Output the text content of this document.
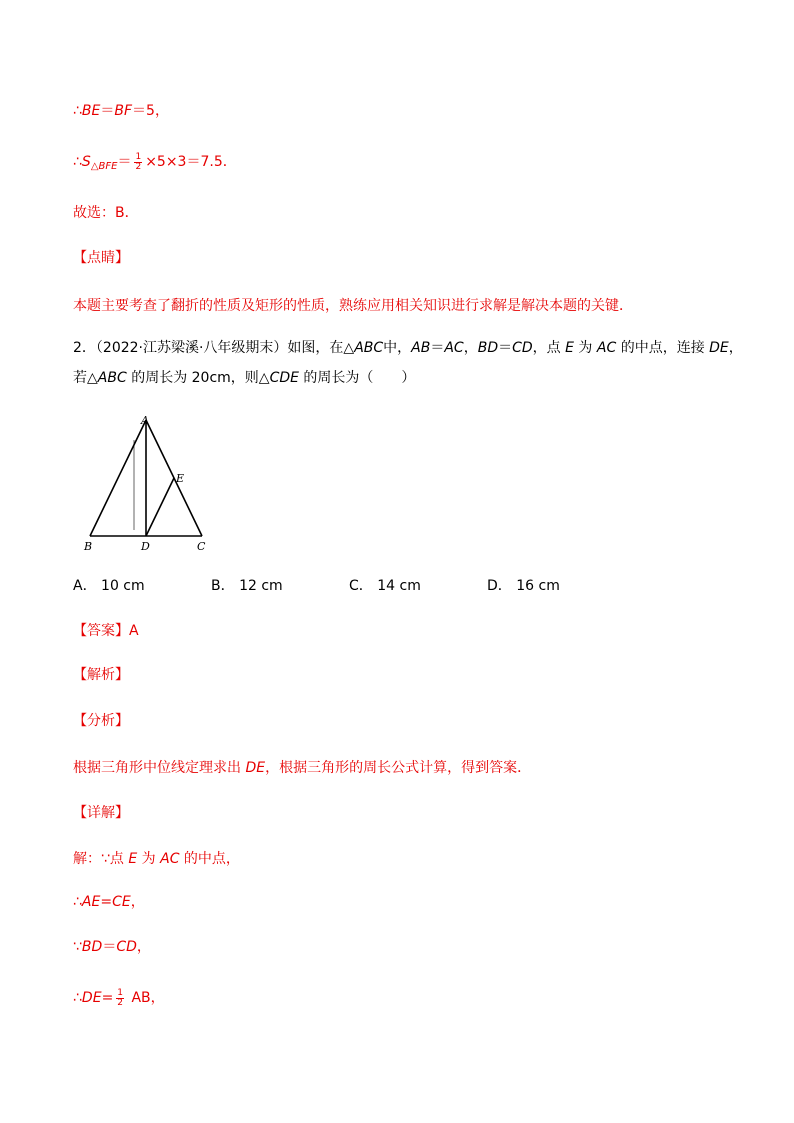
∴BE＝BF＝5，
$\therefore S_{\triangle BFE}= \frac{1}{2} \times 5\times 3=7.5$．
故选：B．
【点睛】
本题主要考查了翻折的性质及矩形的性质，熟练应用相关知识进行求解是解决本题的关键．
2．（2022·江苏梁溪·八年级期末）如图，在△ABC中，AB＝AC，BD＝CD，点 E 为 AC 的中点，连接 DE，
若△ABC 的周长为 20cm，则△CDE 的周长为（　　）
A
B	D	C
E
A． 10 cm	B． 12 cm	C． 14 cm	D． 16 cm
【答案】A
【解析】
【分析】
根据三角形中位线定理求出 DE，根据三角形的周长公式计算，得到答案．
【详解】
解：∵点 E 为 AC 的中点，
∴AE=CE，
∵BD＝CD，
∴DE= $\frac{1}{2}$ AB，
